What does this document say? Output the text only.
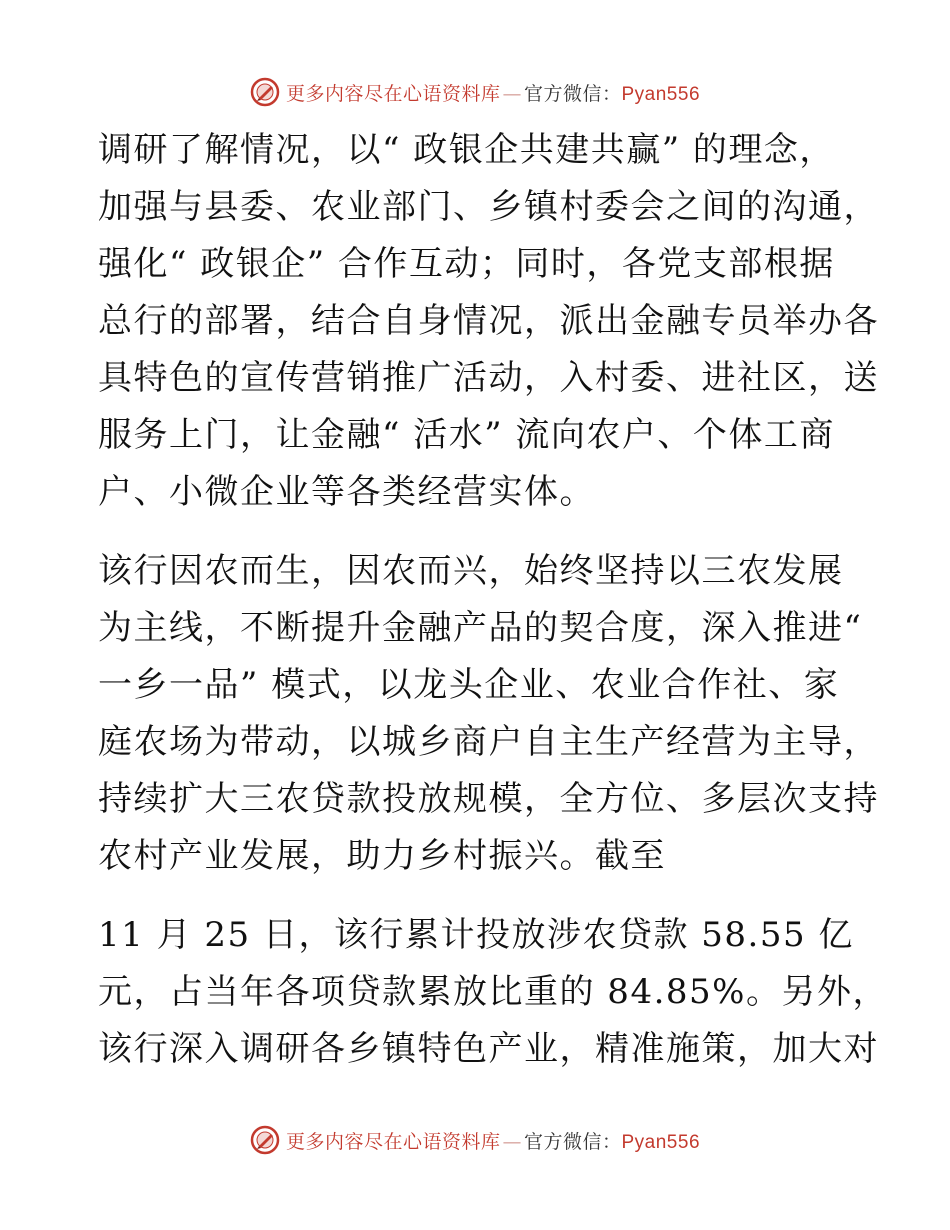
更多内容尽在心语资料库 — 官方微信：Pyan556

调研了解情况，以“ 政银企共建共赢” 的理念，
加强与县委、农业部门、乡镇村委会之间的沟通，
强化“ 政银企” 合作互动；同时，各党支部根据
总行的部署，结合自身情况，派出金融专员举办各
具特色的宣传营销推广活动，入村委、进社区，送
服务上门，让金融“ 活水” 流向农户、个体工商
户、小微企业等各类经营实体。

该行因农而生，因农而兴，始终坚持以三农发展
为主线，不断提升金融产品的契合度，深入推进“
一乡一品” 模式，以龙头企业、农业合作社、家
庭农场为带动，以城乡商户自主生产经营为主导，
持续扩大三农贷款投放规模，全方位、多层次支持
农村产业发展，助力乡村振兴。截至

11 月 25 日，该行累计投放涉农贷款 58.55 亿
元，占当年各项贷款累放比重的 84.85%。另外，
该行深入调研各乡镇特色产业，精准施策，加大对

更多内容尽在心语资料库 — 官方微信：Pyan556
